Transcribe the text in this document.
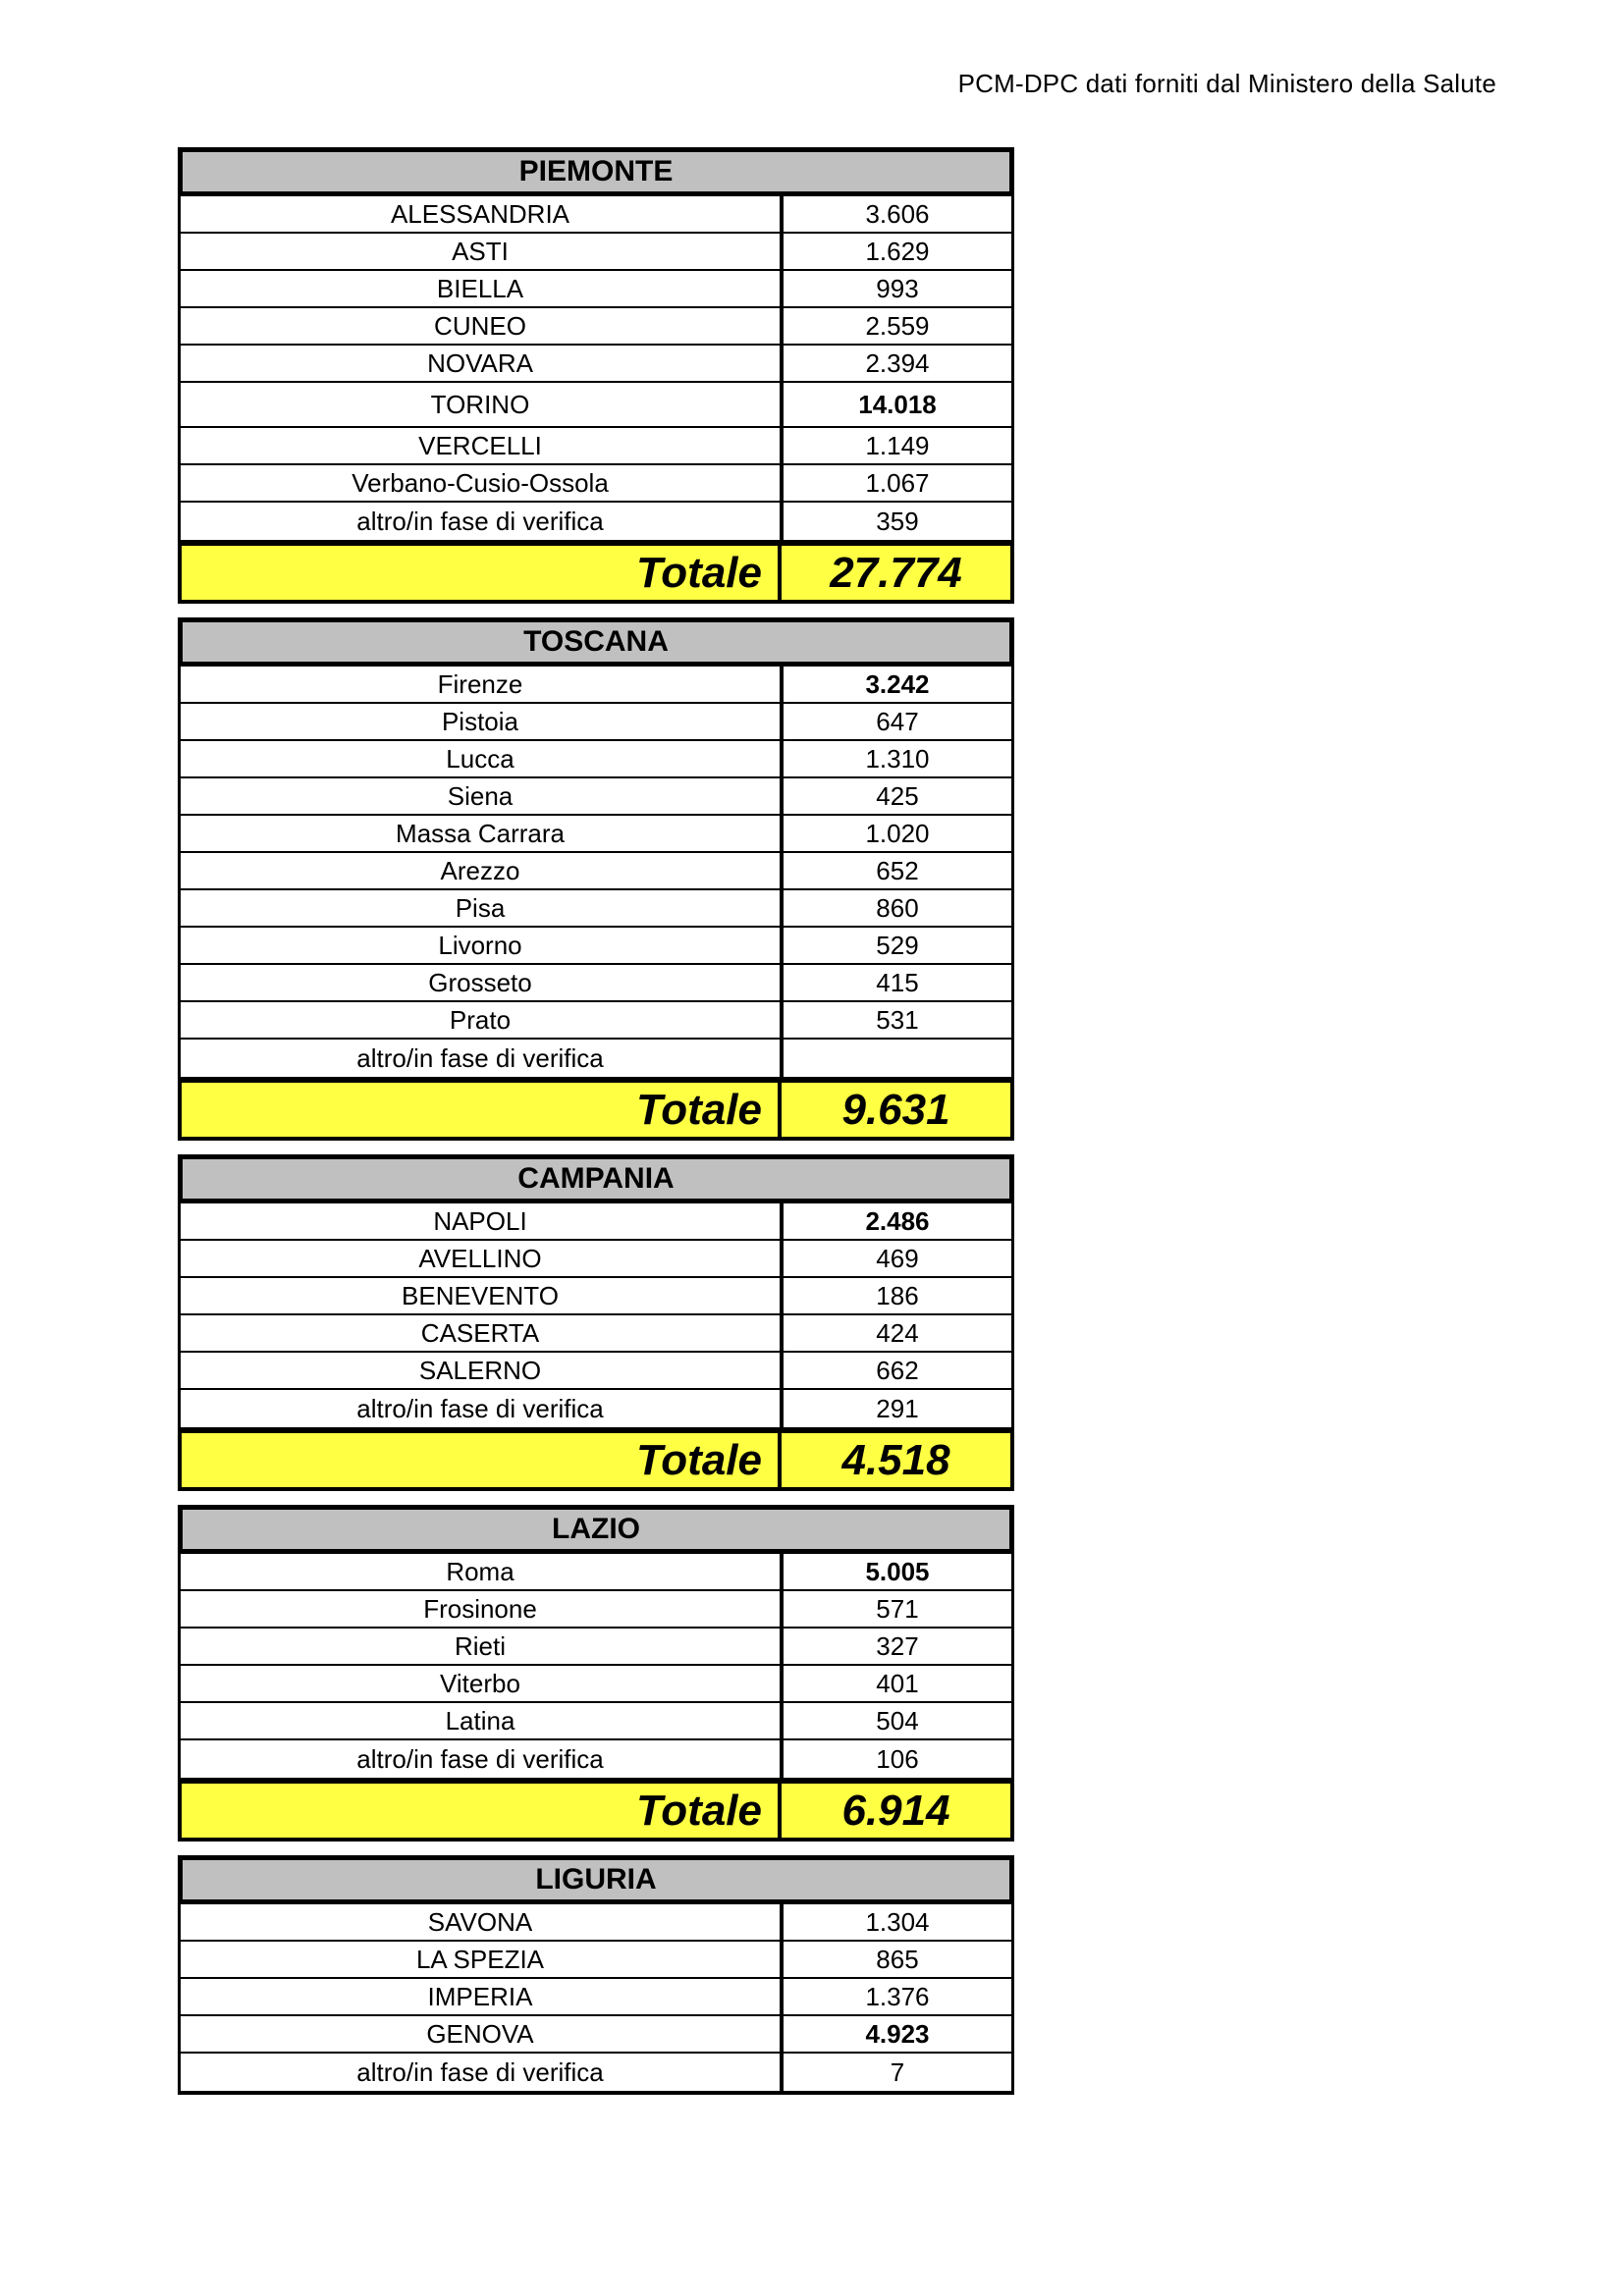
PCM-DPC dati forniti dal Ministero della Salute
PIEMONTE
ALESSANDRIA	3.606
ASTI	1.629
BIELLA	993
CUNEO	2.559
NOVARA	2.394
TORINO	14.018
VERCELLI	1.149
Verbano-Cusio-Ossola	1.067
altro/in fase di verifica	359
Totale	27.774
TOSCANA
Firenze	3.242
Pistoia	647
Lucca	1.310
Siena	425
Massa Carrara	1.020
Arezzo	652
Pisa	860
Livorno	529
Grosseto	415
Prato	531
altro/in fase di verifica
Totale	9.631
CAMPANIA
NAPOLI	2.486
AVELLINO	469
BENEVENTO	186
CASERTA	424
SALERNO	662
altro/in fase di verifica	291
Totale	4.518
LAZIO
Roma	5.005
Frosinone	571
Rieti	327
Viterbo	401
Latina	504
altro/in fase di verifica	106
Totale	6.914
LIGURIA
SAVONA	1.304
LA SPEZIA	865
IMPERIA	1.376
GENOVA	4.923
altro/in fase di verifica	7
